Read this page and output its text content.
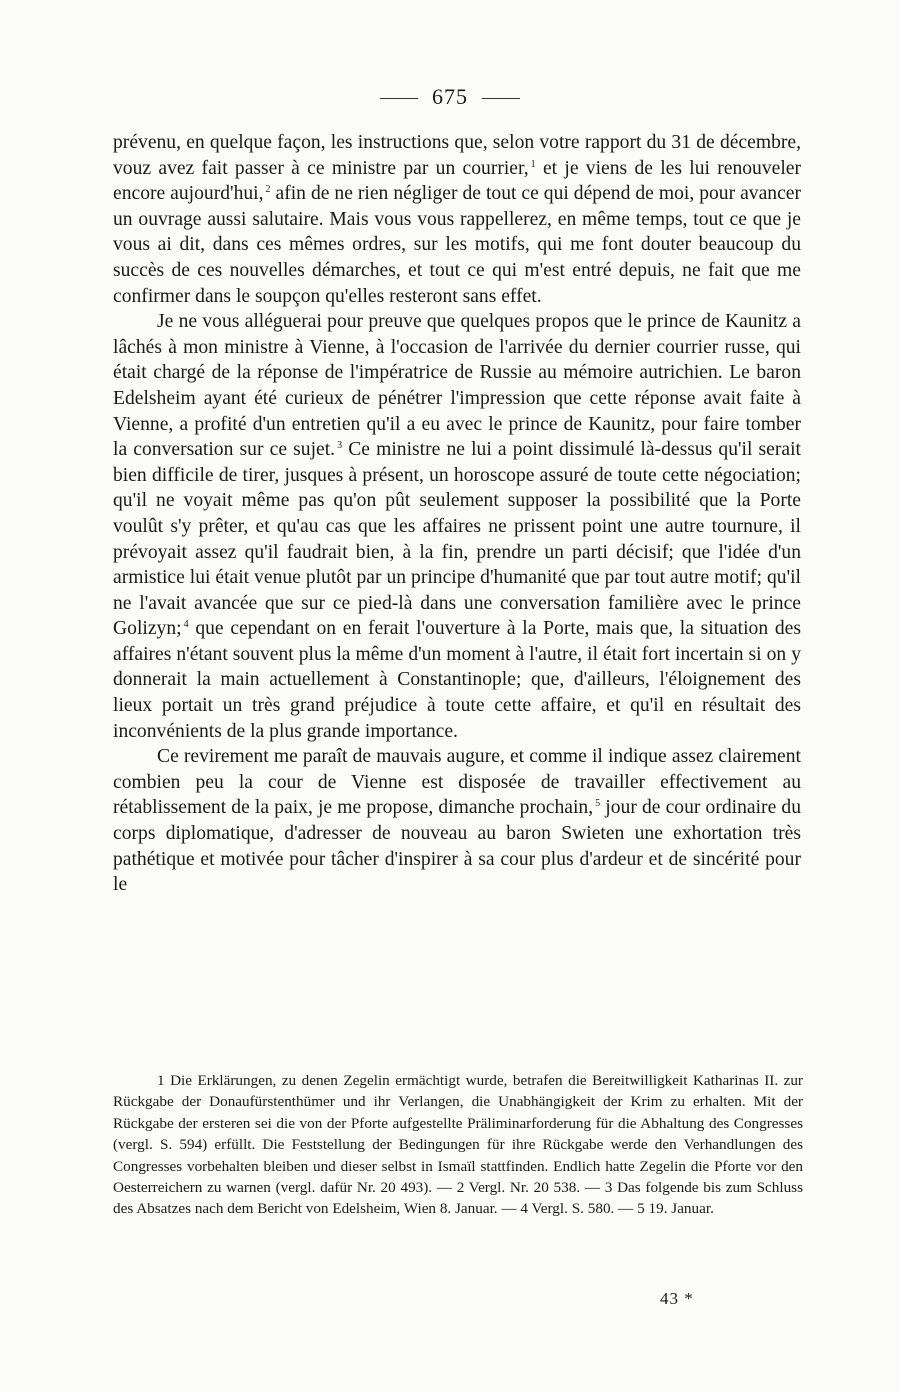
675

prévenu, en quelque façon, les instructions que, selon votre rapport du 31 de décembre, vouz avez fait passer à ce ministre par un courrier, $^1$ et je viens de les lui renouveler encore aujourd'hui, $^2$ afin de ne rien négliger de tout ce qui dépend de moi, pour avancer un ouvrage aussi salutaire. Mais vous vous rappellerez, en même temps, tout ce que je vous ai dit, dans ces mêmes ordres, sur les motifs, qui me font douter beaucoup du succès de ces nouvelles démarches, et tout ce qui m'est entré depuis, ne fait que me confirmer dans le soupçon qu'elles resteront sans effet.

Je ne vous alléguerai pour preuve que quelques propos que le prince de Kaunitz a lâchés à mon ministre à Vienne, à l'occasion de l'arrivée du dernier courrier russe, qui était chargé de la réponse de l'impératrice de Russie au mémoire autrichien. Le baron Edelsheim ayant été curieux de pénétrer l'impression que cette réponse avait faite à Vienne, a profité d'un entretien qu'il a eu avec le prince de Kaunitz, pour faire tomber la conversation sur ce sujet. $^3$ Ce ministre ne lui a point dissimulé là-dessus qu'il serait bien difficile de tirer, jusques à présent, un horoscope assuré de toute cette négociation; qu'il ne voyait même pas qu'on pût seulement supposer la possibilité que la Porte voulût s'y prêter, et qu'au cas que les affaires ne prissent point une autre tournure, il prévoyait assez qu'il faudrait bien, à la fin, prendre un parti décisif; que l'idée d'un armistice lui était venue plutôt par un principe d'humanité que par tout autre motif; qu'il ne l'avait avancée que sur ce pied-là dans une conversation familière avec le prince Golizyn; $^4$ que cependant on en ferait l'ouverture à la Porte, mais que, la situation des affaires n'étant souvent plus la même d'un moment à l'autre, il était fort incertain si on y donnerait la main actuellement à Constantinople; que, d'ailleurs, l'éloignement des lieux portait un très grand préjudice à toute cette affaire, et qu'il en résultait des inconvénients de la plus grande importance.

Ce revirement me paraît de mauvais augure, et comme il indique assez clairement combien peu la cour de Vienne est disposée de travailler effectivement au rétablissement de la paix, je me propose, dimanche prochain, $^5$ jour de cour ordinaire du corps diplomatique, d'adresser de nouveau au baron Swieten une exhortation très pathétique et motivée pour tâcher d'inspirer à sa cour plus d'ardeur et de sincérité pour le

1 Die Erklärungen, zu denen Zegelin ermächtigt wurde, betrafen die Bereitwilligkeit Katharinas II. zur Rückgabe der Donaufürstenthümer und ihr Verlangen, die Unabhängigkeit der Krim zu erhalten. Mit der Rückgabe der ersteren sei die von der Pforte aufgestellte Präliminarforderung für die Abhaltung des Congresses (vergl. S. 594) erfüllt. Die Feststellung der Bedingungen für ihre Rückgabe werde den Verhandlungen des Congresses vorbehalten bleiben und dieser selbst in Ismaïl stattfinden. Endlich hatte Zegelin die Pforte vor den Oesterreichern zu warnen (vergl. dafür Nr. 20 493). — 2 Vergl. Nr. 20 538. — 3 Das folgende bis zum Schluss des Absatzes nach dem Bericht von Edelsheim, Wien 8. Januar. — 4 Vergl. S. 580. — 5 19. Januar.

43 *
